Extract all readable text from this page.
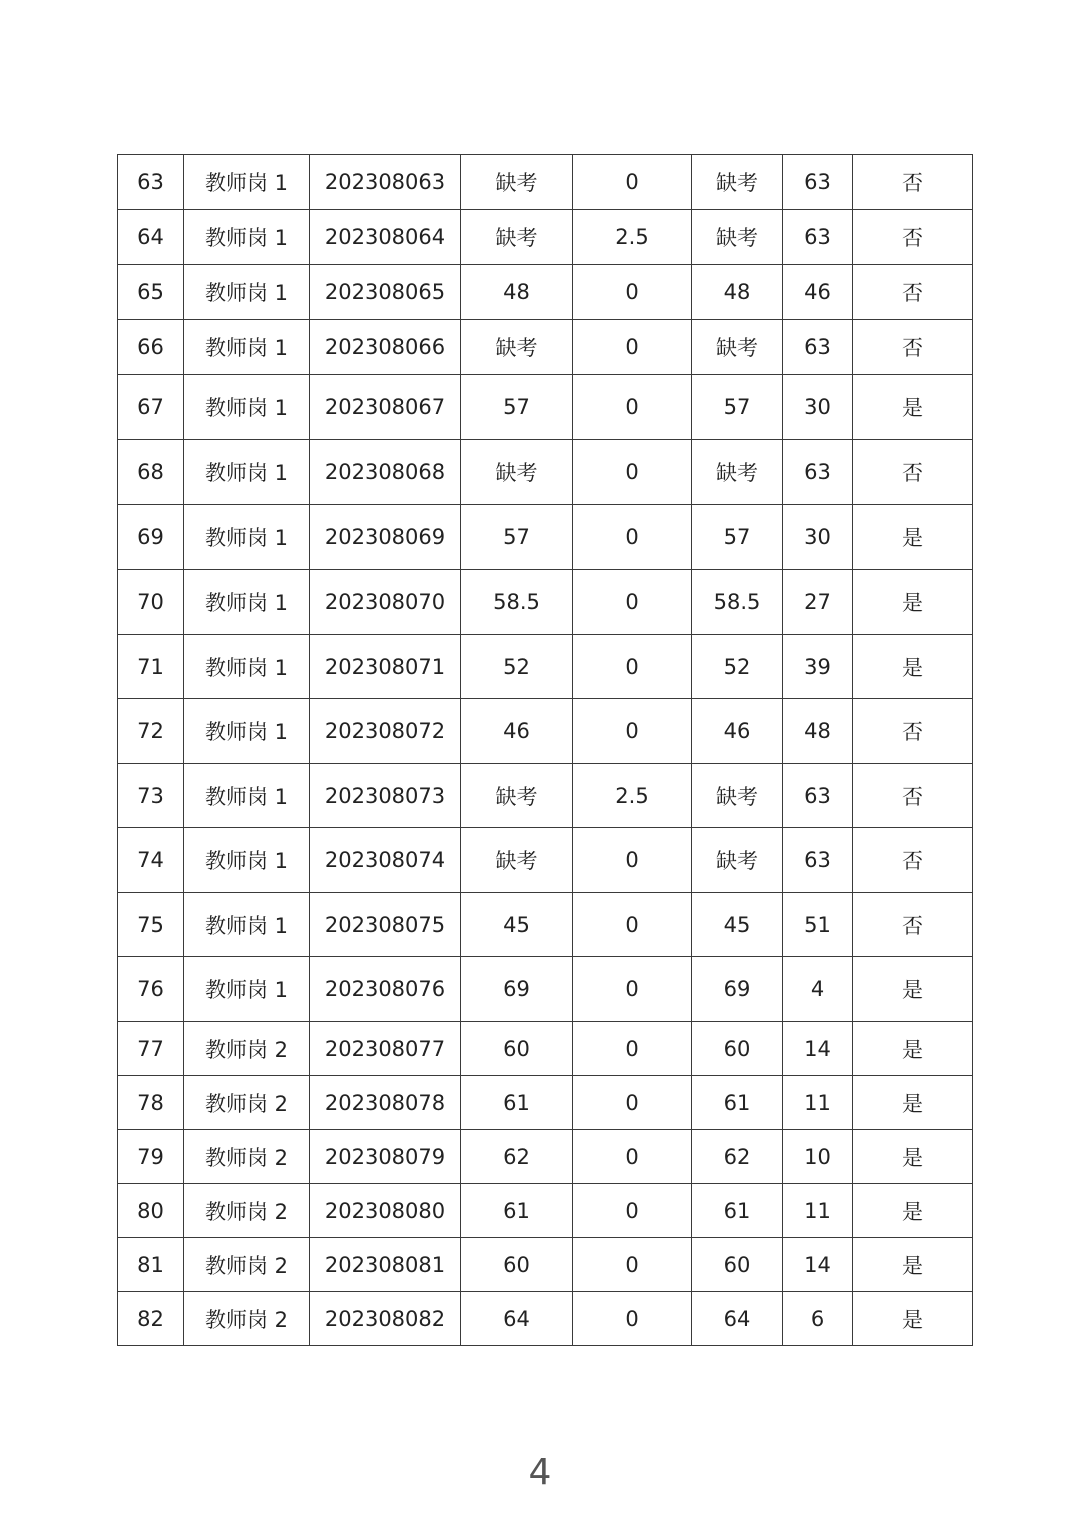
63	教师岗 1	202308063	缺考	0	缺考	63	否
64	教师岗 1	202308064	缺考	2.5	缺考	63	否
65	教师岗 1	202308065	48	0	48	46	否
66	教师岗 1	202308066	缺考	0	缺考	63	否
67	教师岗 1	202308067	57	0	57	30	是
68	教师岗 1	202308068	缺考	0	缺考	63	否
69	教师岗 1	202308069	57	0	57	30	是
70	教师岗 1	202308070	58.5	0	58.5	27	是
71	教师岗 1	202308071	52	0	52	39	是
72	教师岗 1	202308072	46	0	46	48	否
73	教师岗 1	202308073	缺考	2.5	缺考	63	否
74	教师岗 1	202308074	缺考	0	缺考	63	否
75	教师岗 1	202308075	45	0	45	51	否
76	教师岗 1	202308076	69	0	69	4	是
77	教师岗 2	202308077	60	0	60	14	是
78	教师岗 2	202308078	61	0	61	11	是
79	教师岗 2	202308079	62	0	62	10	是
80	教师岗 2	202308080	61	0	61	11	是
81	教师岗 2	202308081	60	0	60	14	是
82	教师岗 2	202308082	64	0	64	6	是
4
